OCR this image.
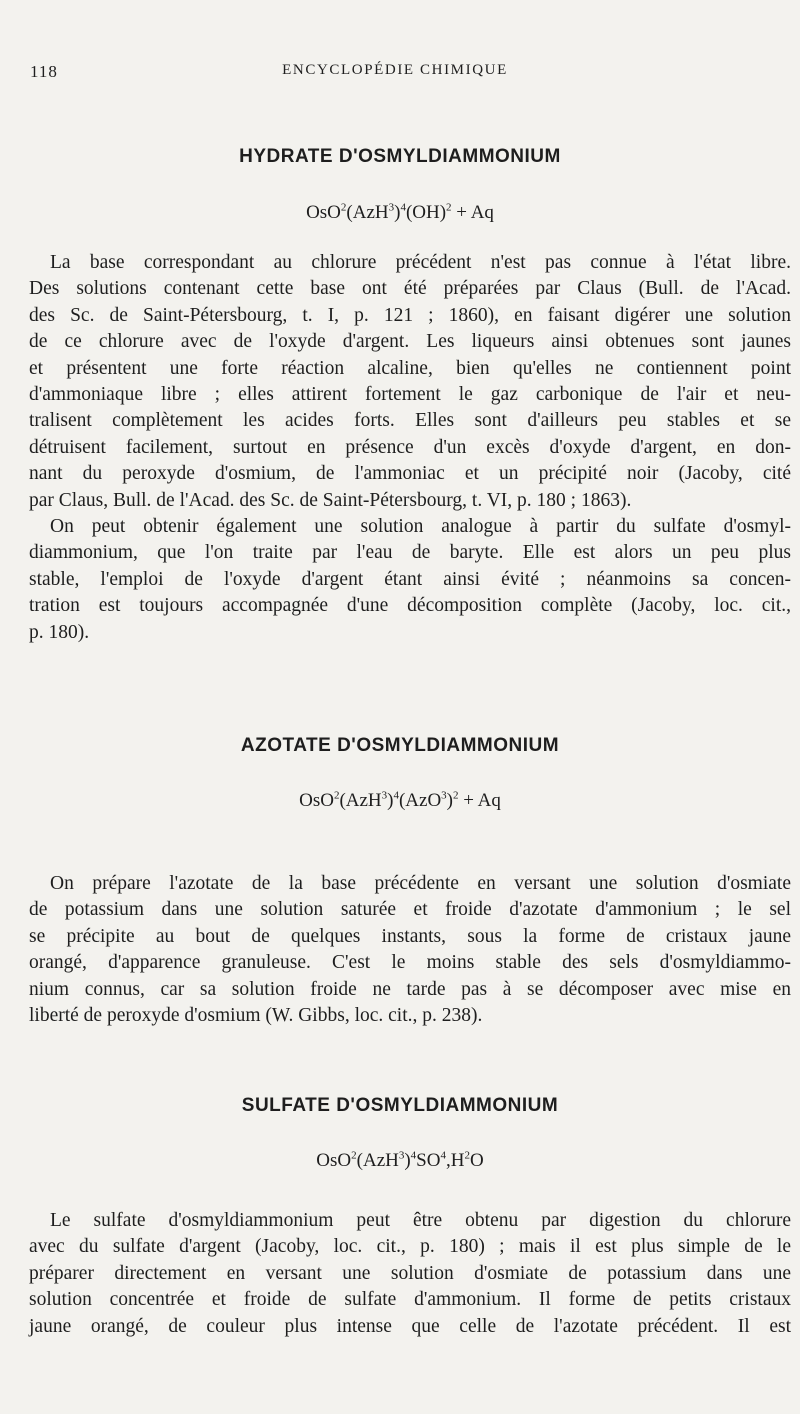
118	ENCYCLOPÉDIE CHIMIQUE
HYDRATE D'OSMYLDIAMMONIUM
$OsO^2(AzH^3)^4(OH)^2 + Aq$
La base correspondant au chlorure précédent n'est pas connue à l'état libre.
Des solutions contenant cette base ont été préparées par Claus (Bull. de l'Acad.
des Sc. de Saint-Pétersbourg, t. I, p. 121 ; 1860), en faisant digérer une solution
de ce chlorure avec de l'oxyde d'argent. Les liqueurs ainsi obtenues sont jaunes
et présentent une forte réaction alcaline, bien qu'elles ne contiennent point
d'ammoniaque libre ; elles attirent fortement le gaz carbonique de l'air et neu-
tralisent complètement les acides forts. Elles sont d'ailleurs peu stables et se
détruisent facilement, surtout en présence d'un excès d'oxyde d'argent, en don-
nant du peroxyde d'osmium, de l'ammoniac et un précipité noir (Jacoby, cité
par Claus, Bull. de l'Acad. des Sc. de Saint-Pétersbourg, t. VI, p. 180 ; 1863).
On peut obtenir également une solution analogue à partir du sulfate d'osmyl-
diammonium, que l'on traite par l'eau de baryte. Elle est alors un peu plus
stable, l'emploi de l'oxyde d'argent étant ainsi évité ; néanmoins sa concen-
tration est toujours accompagnée d'une décomposition complète (Jacoby, loc. cit.,
p. 180).
AZOTATE D'OSMYLDIAMMONIUM
$OsO^2(AzH^3)^4(AzO^3)^2 + Aq$
On prépare l'azotate de la base précédente en versant une solution d'osmiate
de potassium dans une solution saturée et froide d'azotate d'ammonium ; le sel
se précipite au bout de quelques instants, sous la forme de cristaux jaune
orangé, d'apparence granuleuse. C'est le moins stable des sels d'osmyldiammo-
nium connus, car sa solution froide ne tarde pas à se décomposer avec mise en
liberté de peroxyde d'osmium (W. Gibbs, loc. cit., p. 238).
SULFATE D'OSMYLDIAMMONIUM
$OsO^2(AzH^3)^4SO^4,H^2O$
Le sulfate d'osmyldiammonium peut être obtenu par digestion du chlorure
avec du sulfate d'argent (Jacoby, loc. cit., p. 180) ; mais il est plus simple de le
préparer directement en versant une solution d'osmiate de potassium dans une
solution concentrée et froide de sulfate d'ammonium. Il forme de petits cristaux
jaune orangé, de couleur plus intense que celle de l'azotate précédent. Il est
